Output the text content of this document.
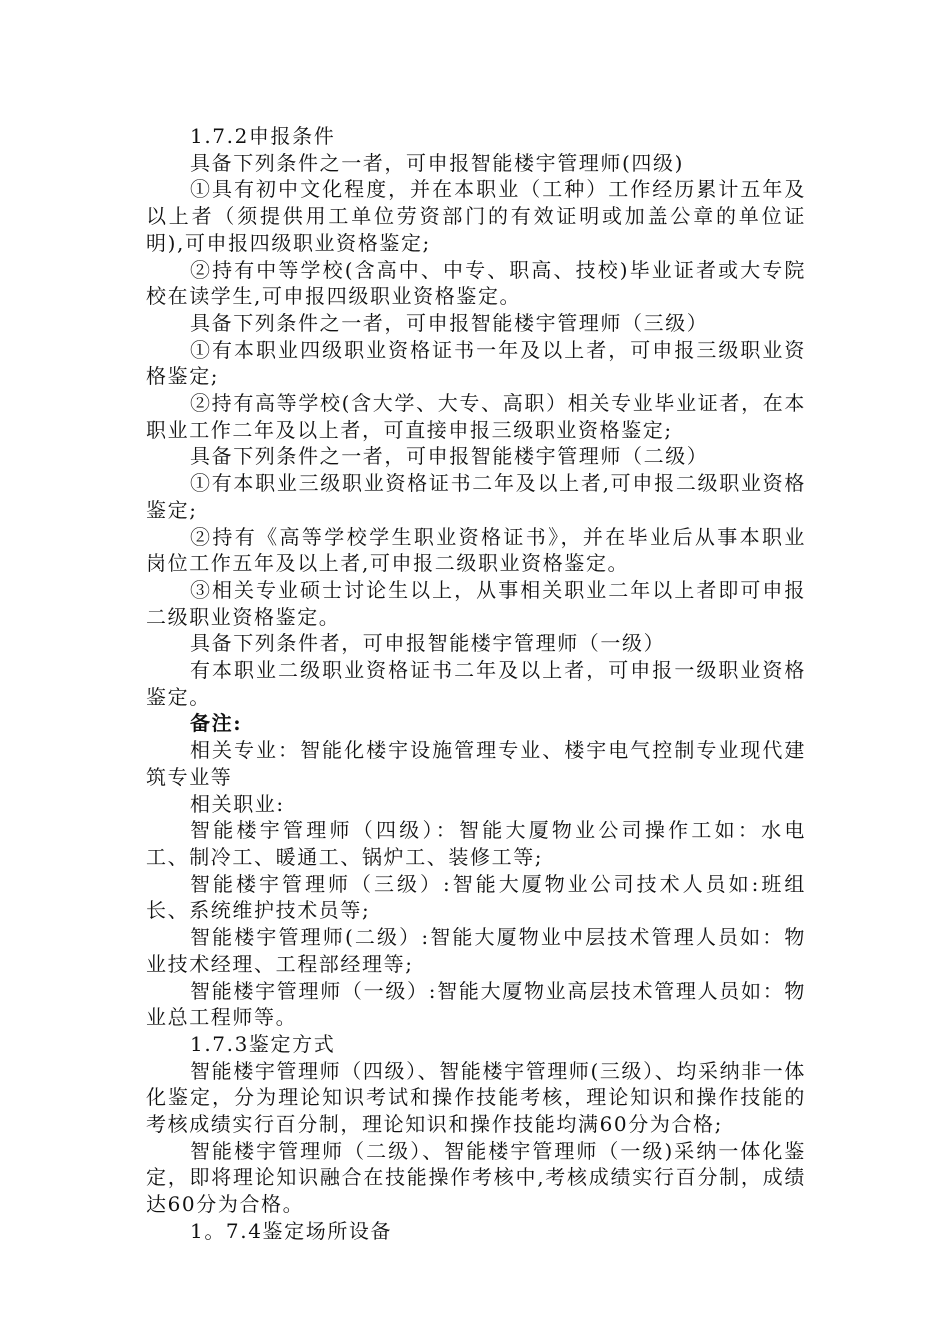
1.7.2申报条件

具备下列条件之一者，可申报智能楼宇管理师(四级)

①具有初中文化程度，并在本职业（工种）工作经历累计五年及以上者（须提供用工单位劳资部门的有效证明或加盖公章的单位证明),可申报四级职业资格鉴定;

②持有中等学校(含高中、中专、职高、技校)毕业证者或大专院校在读学生,可申报四级职业资格鉴定。

具备下列条件之一者，可申报智能楼宇管理师（三级）

①有本职业四级职业资格证书一年及以上者，可申报三级职业资格鉴定;

②持有高等学校(含大学、大专、高职）相关专业毕业证者，在本职业工作二年及以上者，可直接申报三级职业资格鉴定;

具备下列条件之一者，可申报智能楼宇管理师（二级）

①有本职业三级职业资格证书二年及以上者,可申报二级职业资格鉴定;

②持有《高等学校学生职业资格证书》，并在毕业后从事本职业岗位工作五年及以上者,可申报二级职业资格鉴定。

③相关专业硕士讨论生以上，从事相关职业二年以上者即可申报二级职业资格鉴定。

具备下列条件者，可申报智能楼宇管理师（一级）

有本职业二级职业资格证书二年及以上者，可申报一级职业资格鉴定。

备注:

相关专业：智能化楼宇设施管理专业、楼宇电气控制专业现代建筑专业等

相关职业:

智能楼宇管理师（四级）：智能大厦物业公司操作工如：水电工、制冷工、暖通工、锅炉工、装修工等;

智能楼宇管理师（三级）:智能大厦物业公司技术人员如:班组长、系统维护技术员等;

智能楼宇管理师(二级）:智能大厦物业中层技术管理人员如：物业技术经理、工程部经理等;

智能楼宇管理师（一级）:智能大厦物业高层技术管理人员如：物业总工程师等。

1.7.3鉴定方式

智能楼宇管理师（四级）、智能楼宇管理师(三级）、均采纳非一体化鉴定，分为理论知识考试和操作技能考核，理论知识和操作技能的考核成绩实行百分制，理论知识和操作技能均满60分为合格;

智能楼宇管理师（二级）、智能楼宇管理师（一级)采纳一体化鉴定，即将理论知识融合在技能操作考核中,考核成绩实行百分制，成绩达60分为合格。

1。7.4鉴定场所设备
